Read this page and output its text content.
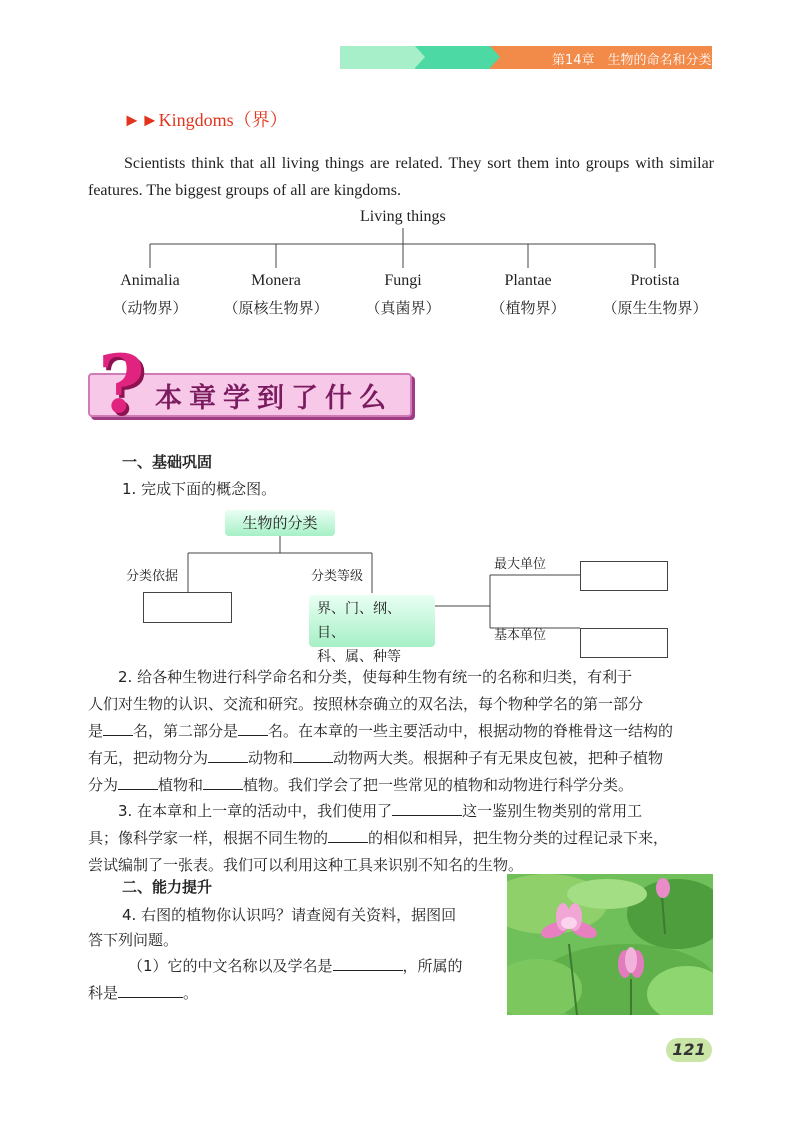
第14章　生物的命名和分类
►►Kingdoms（界）
Scientists think that all living things are related. They sort them into groups with similar features. The biggest groups of all are kingdoms.
Living things
Animalia	Monera	Fungi	Plantae	Protista
（动物界）	（原核生物界）	（真菌界）	（植物界）	（原生生物界）
? 本章学到了什么
一、基础巩固
1. 完成下面的概念图。
生物的分类
分类依据	分类等级
界、门、纲、目、
科、属、种等
最大单位
基本单位
2. 给各种生物进行科学命名和分类，使每种生物有统一的名称和归类，有利于
人们对生物的认识、交流和研究。按照林奈确立的双名法，每个物种学名的第一部分
是 名，第二部分是 名。在本章的一些主要活动中，根据动物的脊椎骨这一结构的
有无，把动物分为	动物和	动物两大类。根据种子有无果皮包被，把种子植物
分为	植物和	植物。我们学会了把一些常见的植物和动物进行科学分类。
3. 在本章和上一章的活动中，我们使用了	这一鉴别生物类别的常用工
具；像科学家一样，根据不同生物的	的相似和相异，把生物分类的过程记录下来，
尝试编制了一张表。我们可以利用这种工具来识别不知名的生物。
二、能力提升
4. 右图的植物你认识吗？请查阅有关资料，据图回
答下列问题。
（1）它的中文名称以及学名是	，所属的
科是	。
121
